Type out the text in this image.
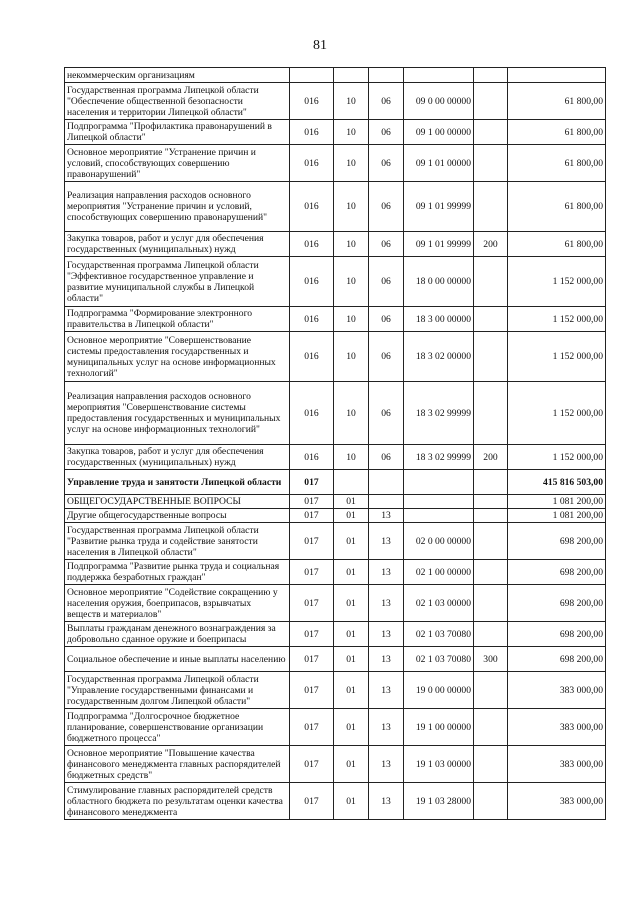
81
некоммерческим организациям						
Государственная программа Липецкой области "Обеспечение общественной безопасности населения и территории Липецкой области"	016	10	06	09 0 00 00000		61 800,00
Подпрограмма "Профилактика правонарушений в Липецкой области"	016	10	06	09 1 00 00000		61 800,00
Основное мероприятие "Устранение причин и условий, способствующих совершению правонарушений"	016	10	06	09 1 01 00000		61 800,00
Реализация направления расходов основного мероприятия "Устранение причин и условий, способствующих совершению правонарушений"	016	10	06	09 1 01 99999		61 800,00
Закупка товаров, работ и услуг для обеспечения государственных (муниципальных) нужд	016	10	06	09 1 01 99999	200	61 800,00
Государственная программа Липецкой области "Эффективное государственное управление и развитие муниципальной службы в Липецкой области"	016	10	06	18 0 00 00000		1 152 000,00
Подпрограмма "Формирование электронного правительства в Липецкой области"	016	10	06	18 3 00 00000		1 152 000,00
Основное мероприятие "Совершенствование системы предоставления государственных и муниципальных услуг на основе информационных технологий"	016	10	06	18 3 02 00000		1 152 000,00
Реализация направления расходов основного мероприятия "Совершенствование системы предоставления государственных и муниципальных услуг на основе информационных технологий"	016	10	06	18 3 02 99999		1 152 000,00
Закупка товаров, работ и услуг для обеспечения государственных (муниципальных) нужд	016	10	06	18 3 02 99999	200	1 152 000,00
Управление труда и занятости Липецкой области	017					415 816 503,00
ОБЩЕГОСУДАРСТВЕННЫЕ ВОПРОСЫ	017	01				1 081 200,00
Другие общегосударственные вопросы	017	01	13			1 081 200,00
Государственная программа Липецкой области "Развитие рынка труда и содействие занятости населения в Липецкой области"	017	01	13	02 0 00 00000		698 200,00
Подпрограмма "Развитие рынка труда и социальная поддержка безработных граждан"	017	01	13	02 1 00 00000		698 200,00
Основное мероприятие "Содействие сокращению у населения оружия, боеприпасов, взрывчатых веществ и материалов"	017	01	13	02 1 03 00000		698 200,00
Выплаты гражданам денежного вознаграждения за добровольно сданное оружие и боеприпасы	017	01	13	02 1 03 70080		698 200,00
Социальное обеспечение и иные выплаты населению	017	01	13	02 1 03 70080	300	698 200,00
Государственная программа Липецкой области "Управление государственными финансами и государственным долгом Липецкой области"	017	01	13	19 0 00 00000		383 000,00
Подпрограмма "Долгосрочное бюджетное планирование, совершенствование организации бюджетного процесса"	017	01	13	19 1 00 00000		383 000,00
Основное мероприятие "Повышение качества финансового менеджмента главных распорядителей бюджетных средств"	017	01	13	19 1 03 00000		383 000,00
Стимулирование главных распорядителей средств областного бюджета по результатам оценки качества финансового менеджмента	017	01	13	19 1 03 28000		383 000,00
